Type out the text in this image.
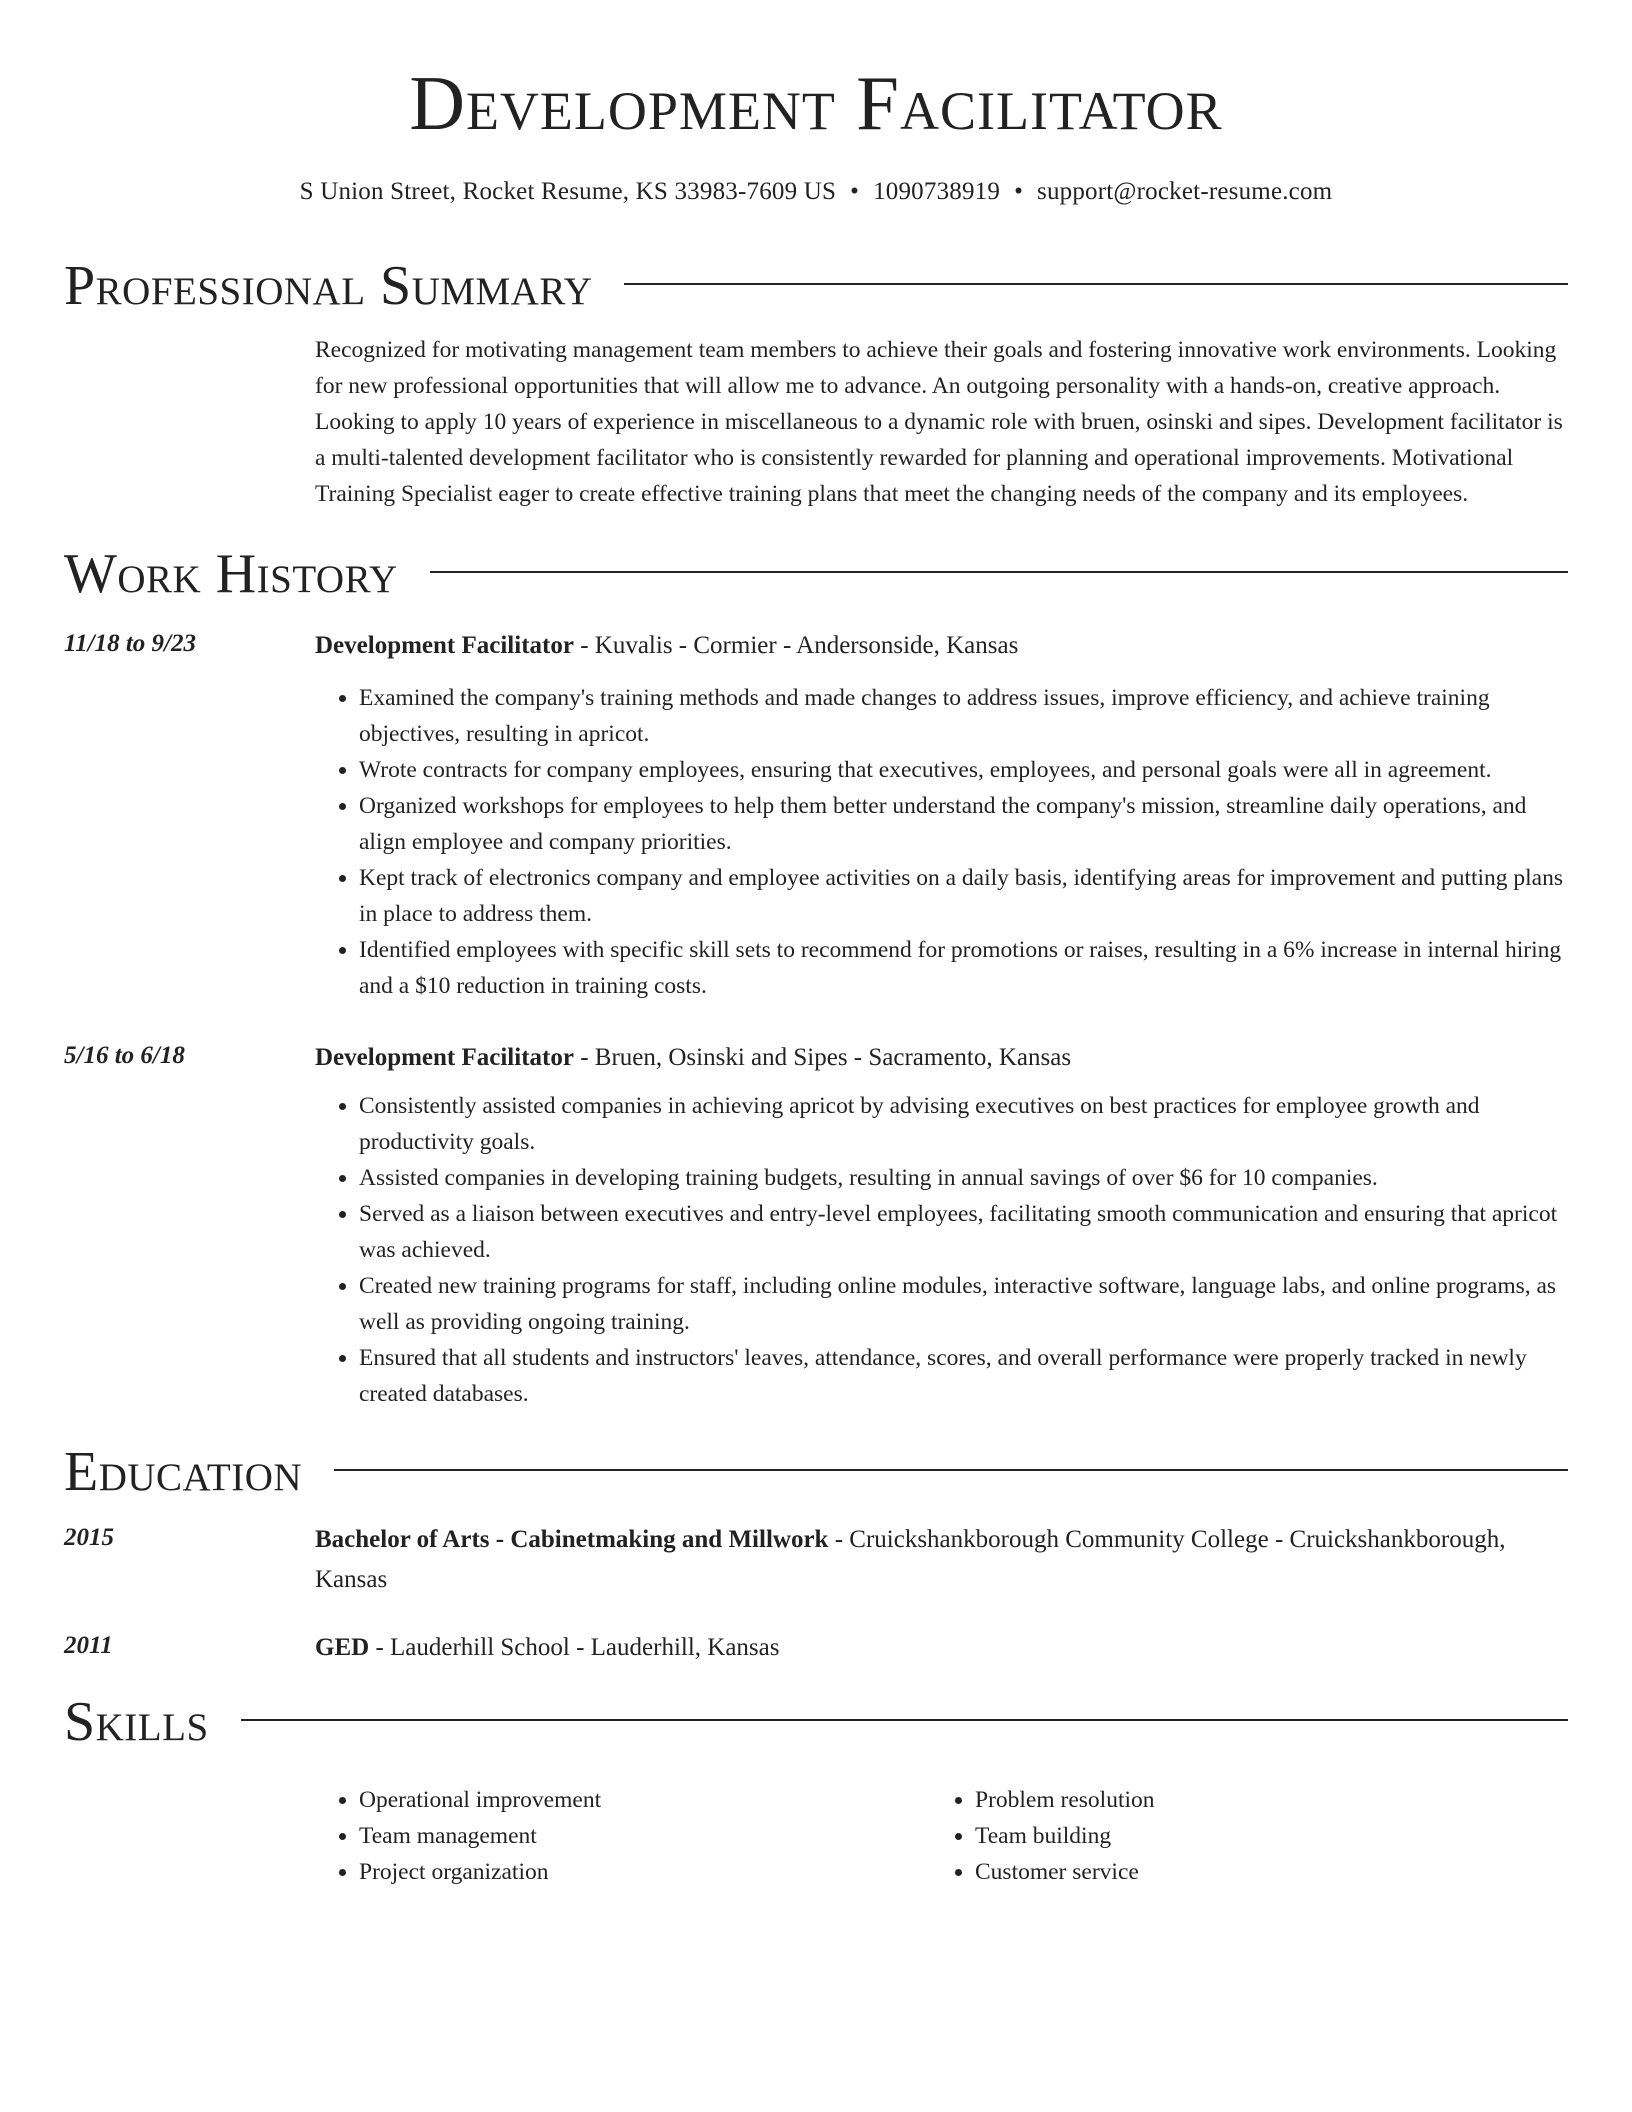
Development Facilitator
S Union Street, Rocket Resume, KS 33983-7609 US • 1090738919 • support@rocket-resume.com
Professional Summary
Recognized for motivating management team members to achieve their goals and fostering innovative work environments. Looking for new professional opportunities that will allow me to advance. An outgoing personality with a hands-on, creative approach. Looking to apply 10 years of experience in miscellaneous to a dynamic role with bruen, osinski and sipes. Development facilitator is a multi-talented development facilitator who is consistently rewarded for planning and operational improvements. Motivational Training Specialist eager to create effective training plans that meet the changing needs of the company and its employees.
Work History
11/18 to 9/23	Development Facilitator - Kuvalis - Cormier - Andersonside, Kansas
• Examined the company's training methods and made changes to address issues, improve efficiency, and achieve training objectives, resulting in apricot.
• Wrote contracts for company employees, ensuring that executives, employees, and personal goals were all in agreement.
• Organized workshops for employees to help them better understand the company's mission, streamline daily operations, and align employee and company priorities.
• Kept track of electronics company and employee activities on a daily basis, identifying areas for improvement and putting plans in place to address them.
• Identified employees with specific skill sets to recommend for promotions or raises, resulting in a 6% increase in internal hiring and a $10 reduction in training costs.
5/16 to 6/18	Development Facilitator - Bruen, Osinski and Sipes - Sacramento, Kansas
• Consistently assisted companies in achieving apricot by advising executives on best practices for employee growth and productivity goals.
• Assisted companies in developing training budgets, resulting in annual savings of over $6 for 10 companies.
• Served as a liaison between executives and entry-level employees, facilitating smooth communication and ensuring that apricot was achieved.
• Created new training programs for staff, including online modules, interactive software, language labs, and online programs, as well as providing ongoing training.
• Ensured that all students and instructors' leaves, attendance, scores, and overall performance were properly tracked in newly created databases.
Education
2015	Bachelor of Arts - Cabinetmaking and Millwork - Cruickshankborough Community College - Cruickshankborough, Kansas
2011	GED - Lauderhill School - Lauderhill, Kansas
Skills
• Operational improvement
• Team management
• Project organization
• Problem resolution
• Team building
• Customer service
